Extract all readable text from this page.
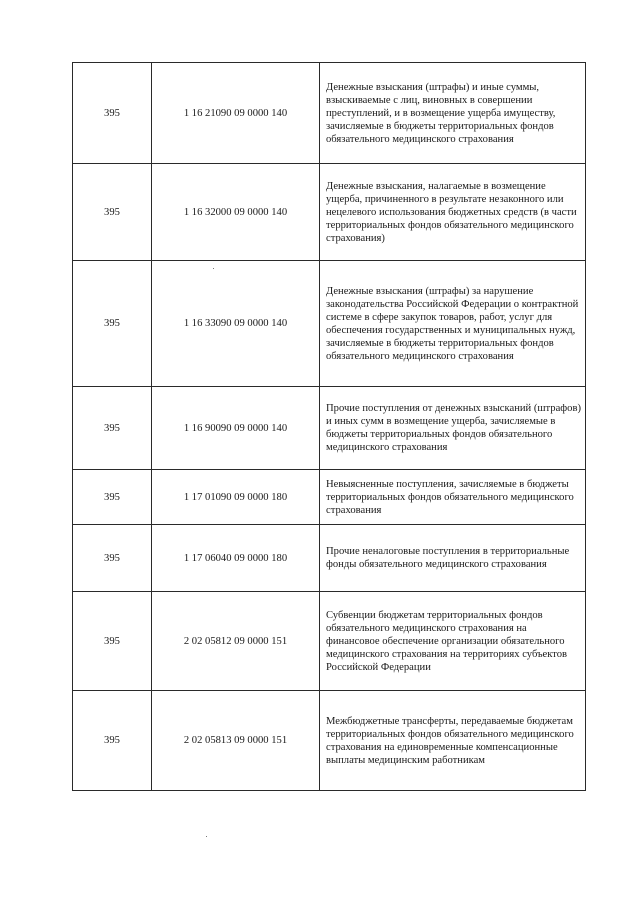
395	1 16 21090 09 0000 140	Денежные взыскания (штрафы) и иные суммы, взыскиваемые с лиц, виновных в совершении преступлений, и в возмещение ущерба имуществу, зачисляемые в бюджеты территориальных фондов обязательного медицинского страхования

395	1 16 32000 09 0000 140	Денежные взыскания, налагаемые в возмещение ущерба, причиненного в результате незаконного или нецелевого использования бюджетных средств (в части территориальных фондов обязательного медицинского страхования)

395	1 16 33090 09 0000 140	Денежные взыскания (штрафы) за нарушение законодательства Российской Федерации о контрактной системе в сфере закупок товаров, работ, услуг для обеспечения государственных и муниципальных нужд, зачисляемые в бюджеты территориальных фондов обязательного медицинского страхования

395	1 16 90090 09 0000 140	Прочие поступления от денежных взысканий (штрафов) и иных сумм в возмещение ущерба, зачисляемые в бюджеты территориальных фондов обязательного медицинского страхования

395	1 17 01090 09 0000 180	Невыясненные поступления, зачисляемые в бюджеты территориальных фондов обязательного медицинского страхования

395	1 17 06040 09 0000 180	Прочие неналоговые поступления в территориальные фонды обязательного медицинского страхования

395	2 02 05812 09 0000 151	Субвенции бюджетам территориальных фондов обязательного медицинского страхования на финансовое обеспечение организации обязательного медицинского страхования на территориях субъектов Российской Федерации

395	2 02 05813 09 0000 151	Межбюджетные трансферты, передаваемые бюджетам территориальных фондов обязательного медицинского страхования на единовременные компенсационные выплаты медицинским работникам
